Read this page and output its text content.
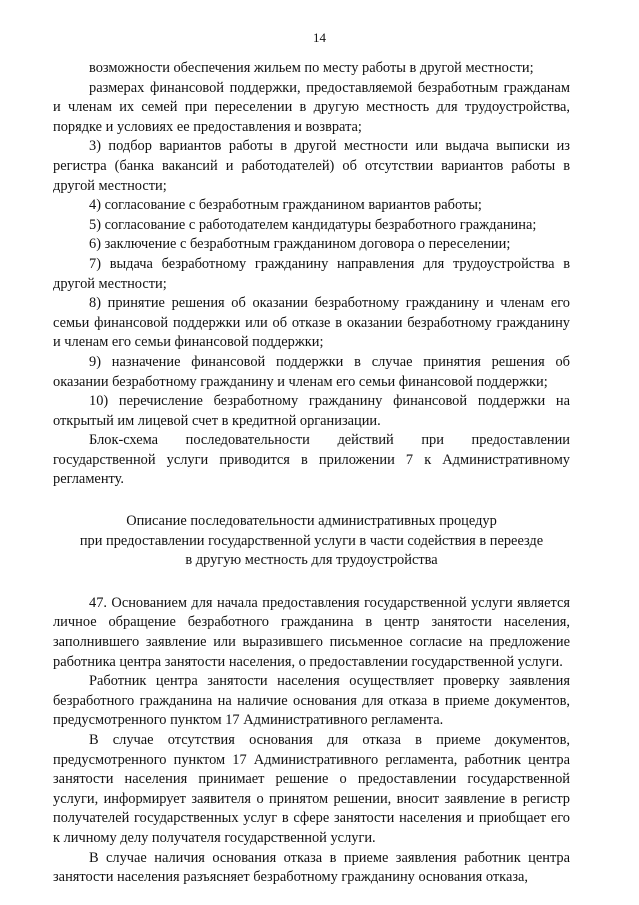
14

возможности обеспечения жильем по месту работы в другой местности;

размерах финансовой поддержки, предоставляемой безработным гражданам и членам их семей при переселении в другую местность для трудоустройства, порядке и условиях ее предоставления и возврата;

3) подбор вариантов работы в другой местности или выдача выписки из регистра (банка вакансий и работодателей) об отсутствии вариантов работы в другой местности;

4) согласование с безработным гражданином вариантов работы;

5) согласование с работодателем кандидатуры безработного гражданина;

6) заключение с безработным гражданином договора о переселении;

7) выдача безработному гражданину направления для трудоустройства в другой местности;

8) принятие решения об оказании безработному гражданину и членам его семьи финансовой поддержки или об отказе в оказании безработному гражданину и членам его семьи финансовой поддержки;

9) назначение финансовой поддержки в случае принятия решения об оказании безработному гражданину и членам его семьи финансовой поддержки;

10) перечисление безработному гражданину финансовой поддержки на открытый им лицевой счет в кредитной организации.

Блок-схема последовательности действий при предоставлении государственной услуги приводится в приложении 7 к Административному регламенту.

Описание последовательности административных процедур
при предоставлении государственной услуги в части содействия в переезде
в другую местность для трудоустройства

47. Основанием для начала предоставления государственной услуги является личное обращение безработного гражданина в центр занятости населения, заполнившего заявление или выразившего письменное согласие на предложение работника центра занятости населения, о предоставлении государственной услуги.

Работник центра занятости населения осуществляет проверку заявления безработного гражданина на наличие основания для отказа в приеме документов, предусмотренного пунктом 17 Административного регламента.

В случае отсутствия основания для отказа в приеме документов, предусмотренного пунктом 17 Административного регламента, работник центра занятости населения принимает решение о предоставлении государственной услуги, информирует заявителя о принятом решении, вносит заявление в регистр получателей государственных услуг в сфере занятости населения и приобщает его к личному делу получателя государственной услуги.

В случае наличия основания отказа в приеме заявления работник центра занятости населения разъясняет безработному гражданину основания отказа,
